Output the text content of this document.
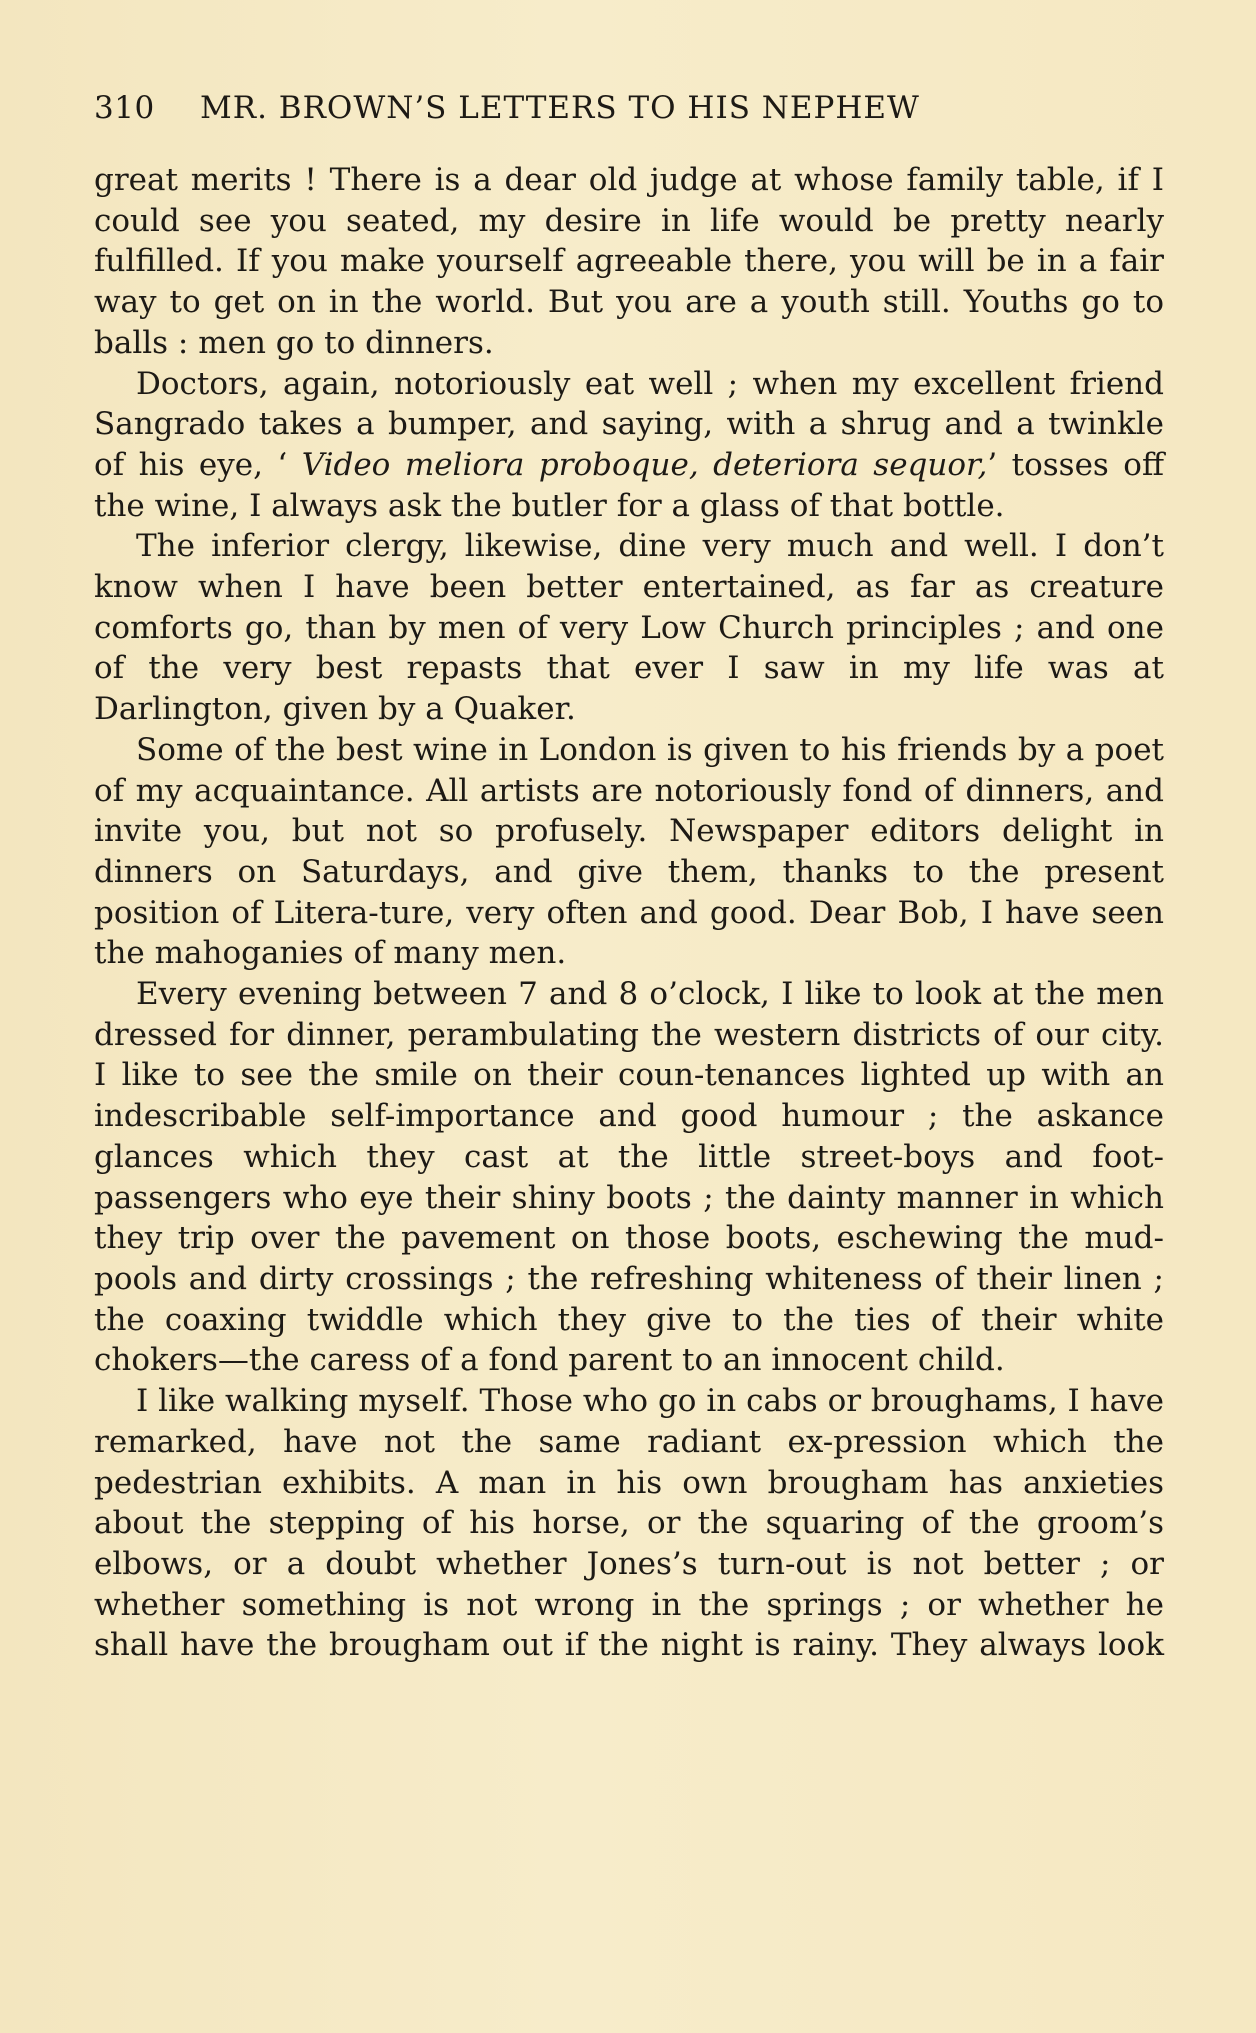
310 MR. BROWN’S LETTERS TO HIS NEPHEW

great merits ! There is a dear old judge at whose family table, if I could see you seated, my desire in life would be pretty nearly fulfilled. If you make yourself agreeable there, you will be in a fair way to get on in the world. But you are a youth still. Youths go to balls : men go to dinners.

Doctors, again, notoriously eat well ; when my excellent friend Sangrado takes a bumper, and saying, with a shrug and a twinkle of his eye, ‘ Video meliora proboque, deteriora sequor,’ tosses off the wine, I always ask the butler for a glass of that bottle.

The inferior clergy, likewise, dine very much and well. I don’t know when I have been better entertained, as far as creature comforts go, than by men of very Low Church principles ; and one of the very best repasts that ever I saw in my life was at Darlington, given by a Quaker.

Some of the best wine in London is given to his friends by a poet of my acquaintance. All artists are notoriously fond of dinners, and invite you, but not so profusely. Newspaper editors delight in dinners on Saturdays, and give them, thanks to the present position of Litera-ture, very often and good. Dear Bob, I have seen the mahoganies of many men.

Every evening between 7 and 8 o’clock, I like to look at the men dressed for dinner, perambulating the western districts of our city. I like to see the smile on their coun-tenances lighted up with an indescribable self-importance and good humour ; the askance glances which they cast at the little street-boys and foot-passengers who eye their shiny boots ; the dainty manner in which they trip over the pavement on those boots, eschewing the mud-pools and dirty crossings ; the refreshing whiteness of their linen ; the coaxing twiddle which they give to the ties of their white chokers—the caress of a fond parent to an innocent child.

I like walking myself. Those who go in cabs or broughams, I have remarked, have not the same radiant ex-pression which the pedestrian exhibits. A man in his own brougham has anxieties about the stepping of his horse, or the squaring of the groom’s elbows, or a doubt whether Jones’s turn-out is not better ; or whether something is not wrong in the springs ; or whether he shall have the brougham out if the night is rainy. They always look
